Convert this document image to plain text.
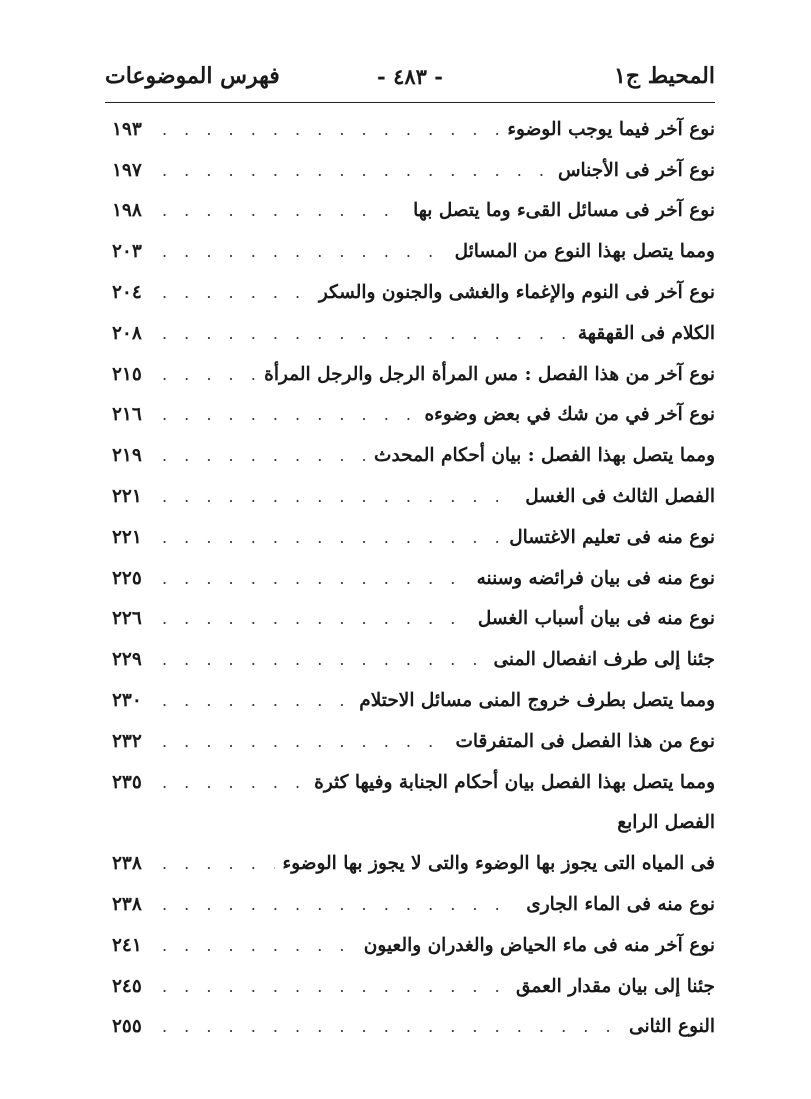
المحيط ج١
- ٤٨٣ -
فهرس الموضوعات
نوع آخر فيما يوجب الوضوء
. . .
١٩٣
نوع آخر فى الأجناس
. . .
١٩٧
نوع آخر فى مسائل القىء وما يتصل بها
. . .
١٩٨
ومما يتصل بهذا النوع من المسائل
. . .
٢٠٣
نوع آخر فى النوم والإغماء والغشى والجنون والسكر
. . .
٢٠٤
الكلام فى القهقهة
. . .
٢٠٨
نوع آخر من هذا الفصل : مس المرأة الرجل والرجل المرأة
. . .
٢١٥
نوع آخر في من شك في بعض وضوءه
. . .
٢١٦
ومما يتصل بهذا الفصل : بيان أحكام المحدث
. . .
٢١٩
الفصل الثالث فى الغسل
. . .
٢٢١
نوع منه فى تعليم الاغتسال
. . .
٢٢١
نوع منه فى بيان فرائضه وسننه
. . .
٢٢٥
نوع منه فى بيان أسباب الغسل
. . .
٢٢٦
جئنا إلى طرف انفصال المنى
. . .
٢٢٩
ومما يتصل بطرف خروج المنى مسائل الاحتلام
. . .
٢٣٠
نوع من هذا الفصل فى المتفرقات
. . .
٢٣٢
ومما يتصل بهذا الفصل بيان أحكام الجنابة وفيها كثرة
. . .
٢٣٥
الفصل الرابع
فى المياه التى يجوز بها الوضوء والتى لا يجوز بها الوضوء
. . .
٢٣٨
نوع منه فى الماء الجارى
. . .
٢٣٨
نوع آخر منه فى ماء الحياض والغدران والعيون
. . .
٢٤١
جئنا إلى بيان مقدار العمق
. . .
٢٤٥
النوع الثانى
. . .
٢٥٥
